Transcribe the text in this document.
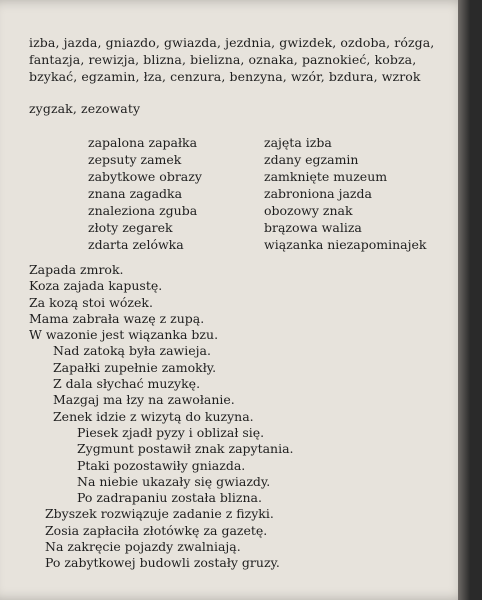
izba, jazda, gniazdo, gwiazda, jezdnia, gwizdek, ozdoba, rózga, fantazja, rewizja, blizna, bielizna, oznaka, paznokieć, kobza, bzykać, egzamin, łza, cenzura, benzyna, wzór, bzdura, wzrok

zygzak, zezowaty

zapalona zapałka
zepsuty zamek
zabytkowe obrazy
znana zagadka
znaleziona zguba
złoty zegarek
zdarta zelówka
zajęta izba
zdany egzamin
zamknięte muzeum
zabroniona jazda
obozowy znak
brązowa waliza
wiązanka niezapominajek
Zapada zmrok.
Koza zajada kapustę.
Za kozą stoi wózek.
Mama zabrała wazę z zupą.
W wazonie jest wiązanka bzu.
Nad zatoką była zawieja.
Zapałki zupełnie zamokły.
Z dala słychać muzykę.
Mazgaj ma łzy na zawołanie.
Zenek idzie z wizytą do kuzyna.
Piesek zjadł pyzy i oblizał się.
Zygmunt postawił znak zapytania.
Ptaki pozostawiły gniazda.
Na niebie ukazały się gwiazdy.
Po zadrapaniu została blizna.
Zbyszek rozwiązuje zadanie z fizyki.
Zosia zapłaciła złotówkę za gazetę.
Na zakręcie pojazdy zwalniają.
Po zabytkowej budowli zostały gruzy.
